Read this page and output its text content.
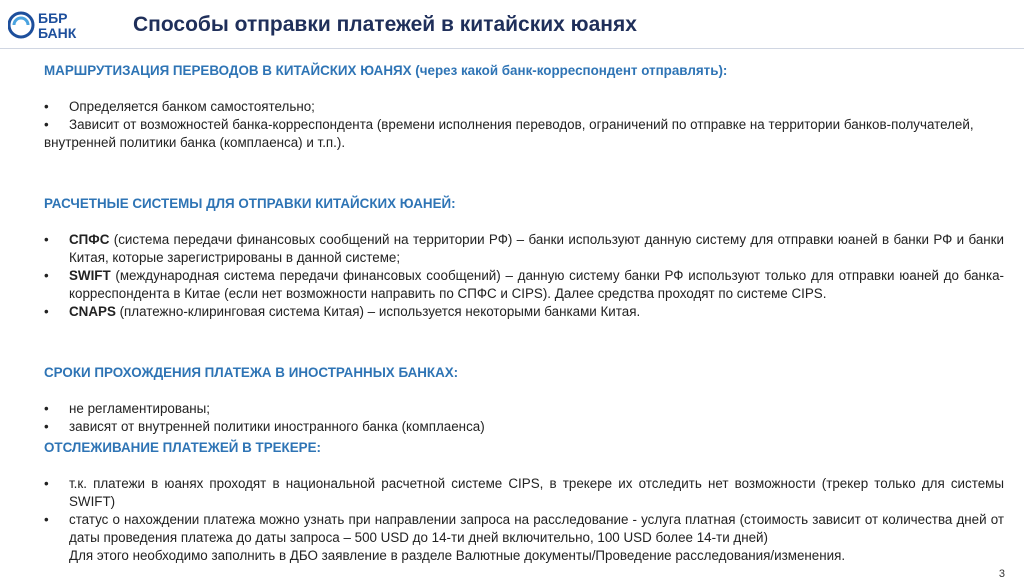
ББР
БАНК	Способы отправки платежей в китайских юанях

МАРШРУТИЗАЦИЯ ПЕРЕВОДОВ В КИТАЙСКИХ ЮАНЯХ (через какой банк-корреспондент отправлять):

• Определяется банком самостоятельно;

• Зависит от возможностей банка-корреспондента (времени исполнения переводов, ограничений по отправке на территории банков-получателей,

внутренней политики банка (комплаенса) и т.п.).

РАСЧЕТНЫЕ СИСТЕМЫ ДЛЯ ОТПРАВКИ КИТАЙСКИХ ЮАНЕЙ:

• СПФС (система передачи финансовых сообщений на территории РФ) – банки используют данную систему для отправки юаней в банки РФ и банки Китая, которые зарегистрированы в данной системе;

• SWIFT (международная система передачи финансовых сообщений) – данную систему банки РФ используют только для отправки юаней до банка-корреспондента в Китае (если нет возможности направить по СПФС и CIPS). Далее средства проходят по системе CIPS.

• CNAPS (платежно-клиринговая система Китая) – используется некоторыми банками Китая.

СРОКИ ПРОХОЖДЕНИЯ ПЛАТЕЖА В ИНОСТРАННЫХ БАНКАХ:

• не регламентированы;

• зависят от внутренней политики иностранного банка (комплаенса)

ОТСЛЕЖИВАНИЕ ПЛАТЕЖЕЙ В ТРЕКЕРЕ:

• т.к. платежи в юанях проходят в национальной расчетной системе CIPS, в трекере их отследить нет возможности (трекер только для системы SWIFT)

• статус о нахождении платежа можно узнать при направлении запроса на расследование - услуга платная (стоимость зависит от количества дней от даты проведения платежа до даты запроса – 500 USD до 14-ти дней включительно, 100 USD более 14-ти дней)

Для этого необходимо заполнить в ДБО заявление в разделе Валютные документы/Проведение расследования/изменения.

3
